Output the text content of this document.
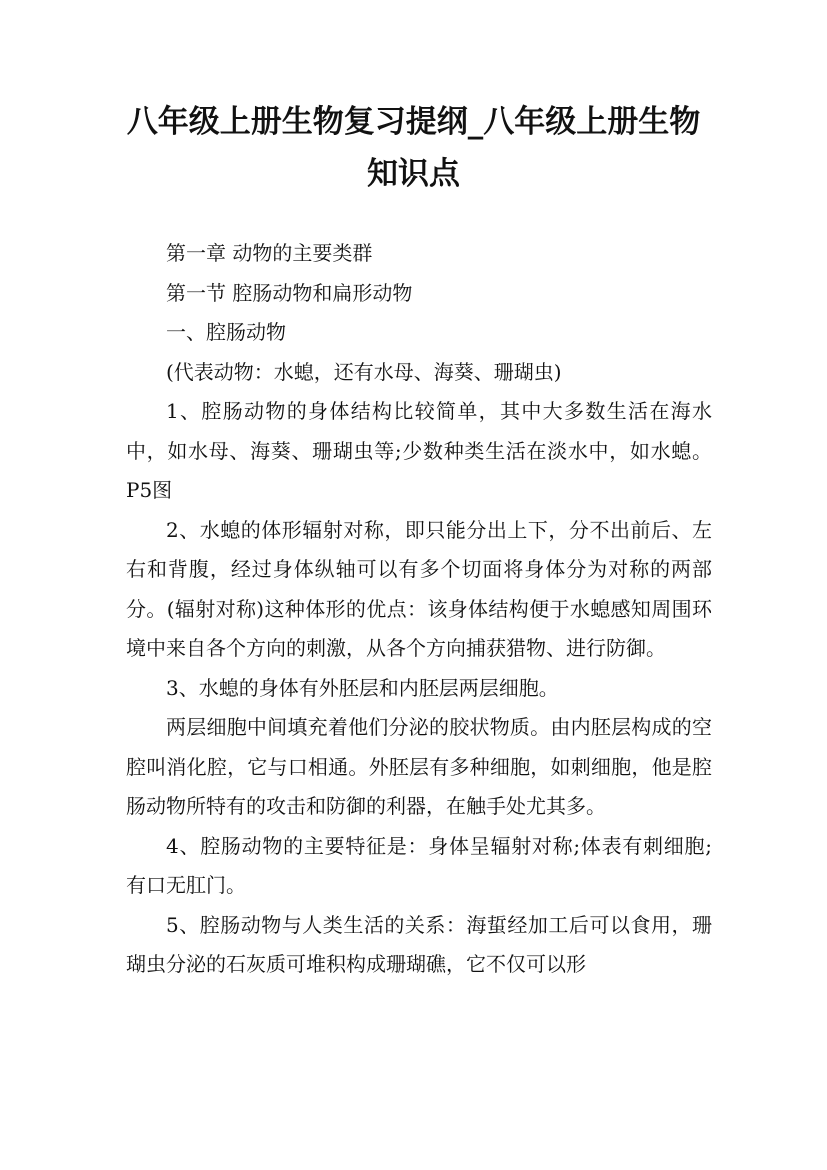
八年级上册生物复习提纲_八年级上册生物
知识点

第一章 动物的主要类群

第一节 腔肠动物和扁形动物

一、腔肠动物

(代表动物：水螅，还有水母、海葵、珊瑚虫)

1、腔肠动物的身体结构比较简单，其中大多数生活在海水中，如水母、海葵、珊瑚虫等;少数种类生活在淡水中，如水螅。P5图

2、水螅的体形辐射对称，即只能分出上下，分不出前后、左右和背腹，经过身体纵轴可以有多个切面将身体分为对称的两部分。(辐射对称)这种体形的优点：该身体结构便于水螅感知周围环境中来自各个方向的刺激，从各个方向捕获猎物、进行防御。

3、水螅的身体有外胚层和内胚层两层细胞。

两层细胞中间填充着他们分泌的胶状物质。由内胚层构成的空腔叫消化腔，它与口相通。外胚层有多种细胞，如刺细胞，他是腔肠动物所特有的攻击和防御的利器，在触手处尤其多。

4、腔肠动物的主要特征是：身体呈辐射对称;体表有刺细胞;有口无肛门。

5、腔肠动物与人类生活的关系：海蜇经加工后可以食用，珊瑚虫分泌的石灰质可堆积构成珊瑚礁，它不仅可以形
